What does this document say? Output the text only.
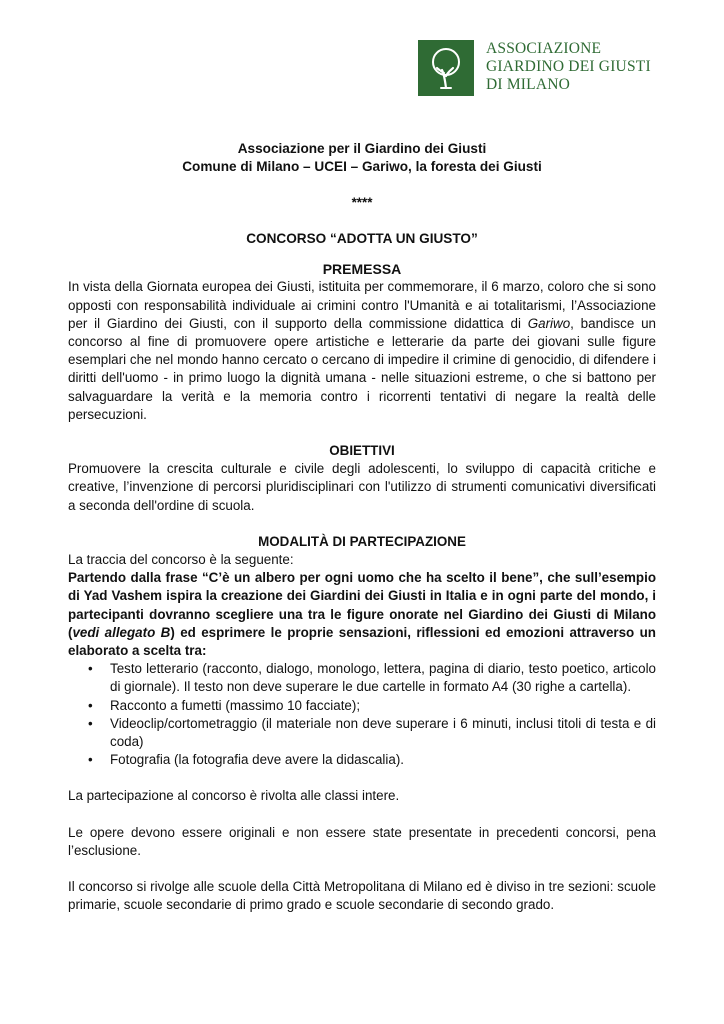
ASSOCIAZIONE
GIARDINO DEI GIUSTI
DI MILANO
Associazione per il Giardino dei Giusti
Comune di Milano – UCEI – Gariwo, la foresta dei Giusti
****
CONCORSO “ADOTTA UN GIUSTO”
PREMESSA

In vista della Giornata europea dei Giusti, istituita per commemorare, il 6 marzo, coloro che si sono opposti con responsabilità individuale ai crimini contro l'Umanità e ai totalitarismi, l’Associazione per il Giardino dei Giusti, con il supporto della commissione didattica di Gariwo, bandisce un concorso al fine di promuovere opere artistiche e letterarie da parte dei giovani sulle figure esemplari che nel mondo hanno cercato o cercano di impedire il crimine di genocidio, di difendere i diritti dell'uomo - in primo luogo la dignità umana - nelle situazioni estreme, o che si battono per salvaguardare la verità e la memoria contro i ricorrenti tentativi di negare la realtà delle persecuzioni.

OBIETTIVI

Promuovere la crescita culturale e civile degli adolescenti, lo sviluppo di capacità critiche e creative, l’invenzione di percorsi pluridisciplinari con l'utilizzo di strumenti comunicativi diversificati a seconda dell'ordine di scuola.

MODALITÀ DI PARTECIPAZIONE

La traccia del concorso è la seguente:

Partendo dalla frase “C’è un albero per ogni uomo che ha scelto il bene”, che sull’esempio di Yad Vashem ispira la creazione dei Giardini dei Giusti in Italia e in ogni parte del mondo, i partecipanti dovranno scegliere una tra le figure onorate nel Giardino dei Giusti di Milano (vedi allegato B) ed esprimere le proprie sensazioni, riflessioni ed emozioni attraverso un elaborato a scelta tra:

• Testo letterario (racconto, dialogo, monologo, lettera, pagina di diario, testo poetico, articolo di giornale). Il testo non deve superare le due cartelle in formato A4 (30 righe a cartella).
• Racconto a fumetti (massimo 10 facciate);
• Videoclip/cortometraggio (il materiale non deve superare i 6 minuti, inclusi titoli di testa e di coda)
• Fotografia (la fotografia deve avere la didascalia).

La partecipazione al concorso è rivolta alle classi intere.

Le opere devono essere originali e non essere state presentate in precedenti concorsi, pena l’esclusione.

Il concorso si rivolge alle scuole della Città Metropolitana di Milano ed è diviso in tre sezioni: scuole primarie, scuole secondarie di primo grado e scuole secondarie di secondo grado.
